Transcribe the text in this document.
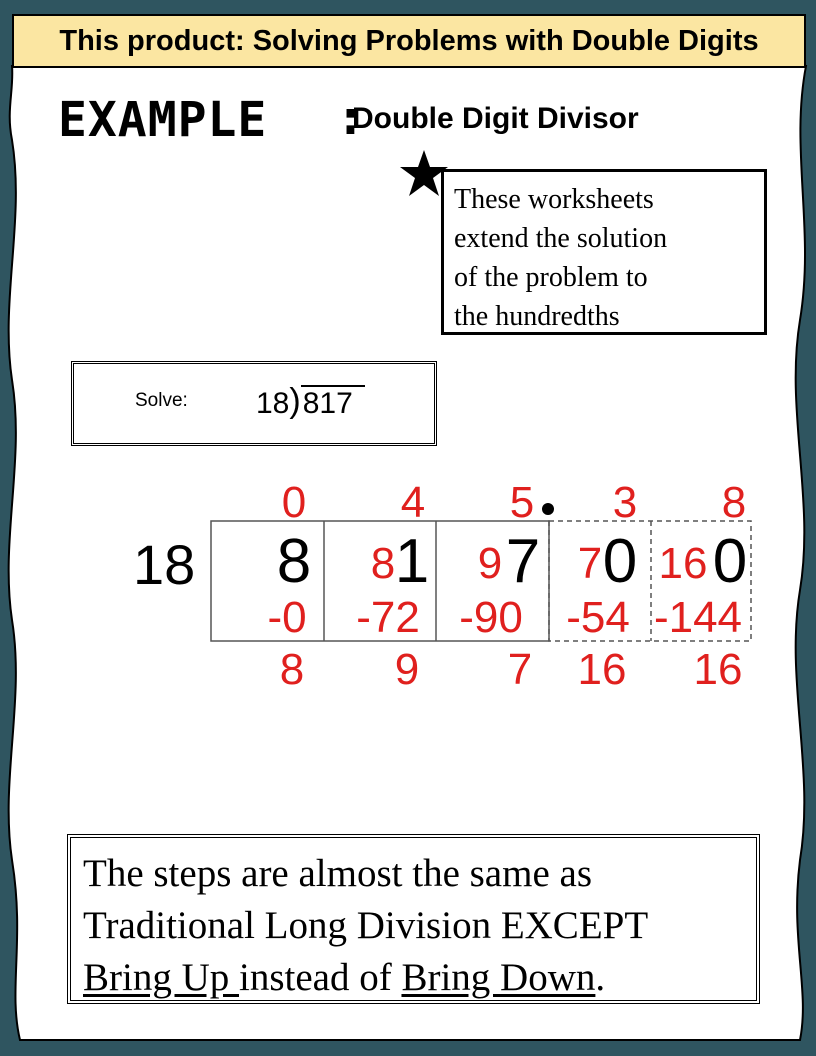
This product: Solving Problems with Double Digits
EXAMPLE :
Double Digit Divisor
These worksheets
extend the solution
of the problem to
the hundredths
Solve: 18)817
18
0 4 5 3 8
8
-0
8
1
8
-72
9
7
9
-90
7
0
7
-54
16
0
16
-144
16
The steps are almost the same as
Traditional Long Division EXCEPT
Bring Up instead of Bring Down.
